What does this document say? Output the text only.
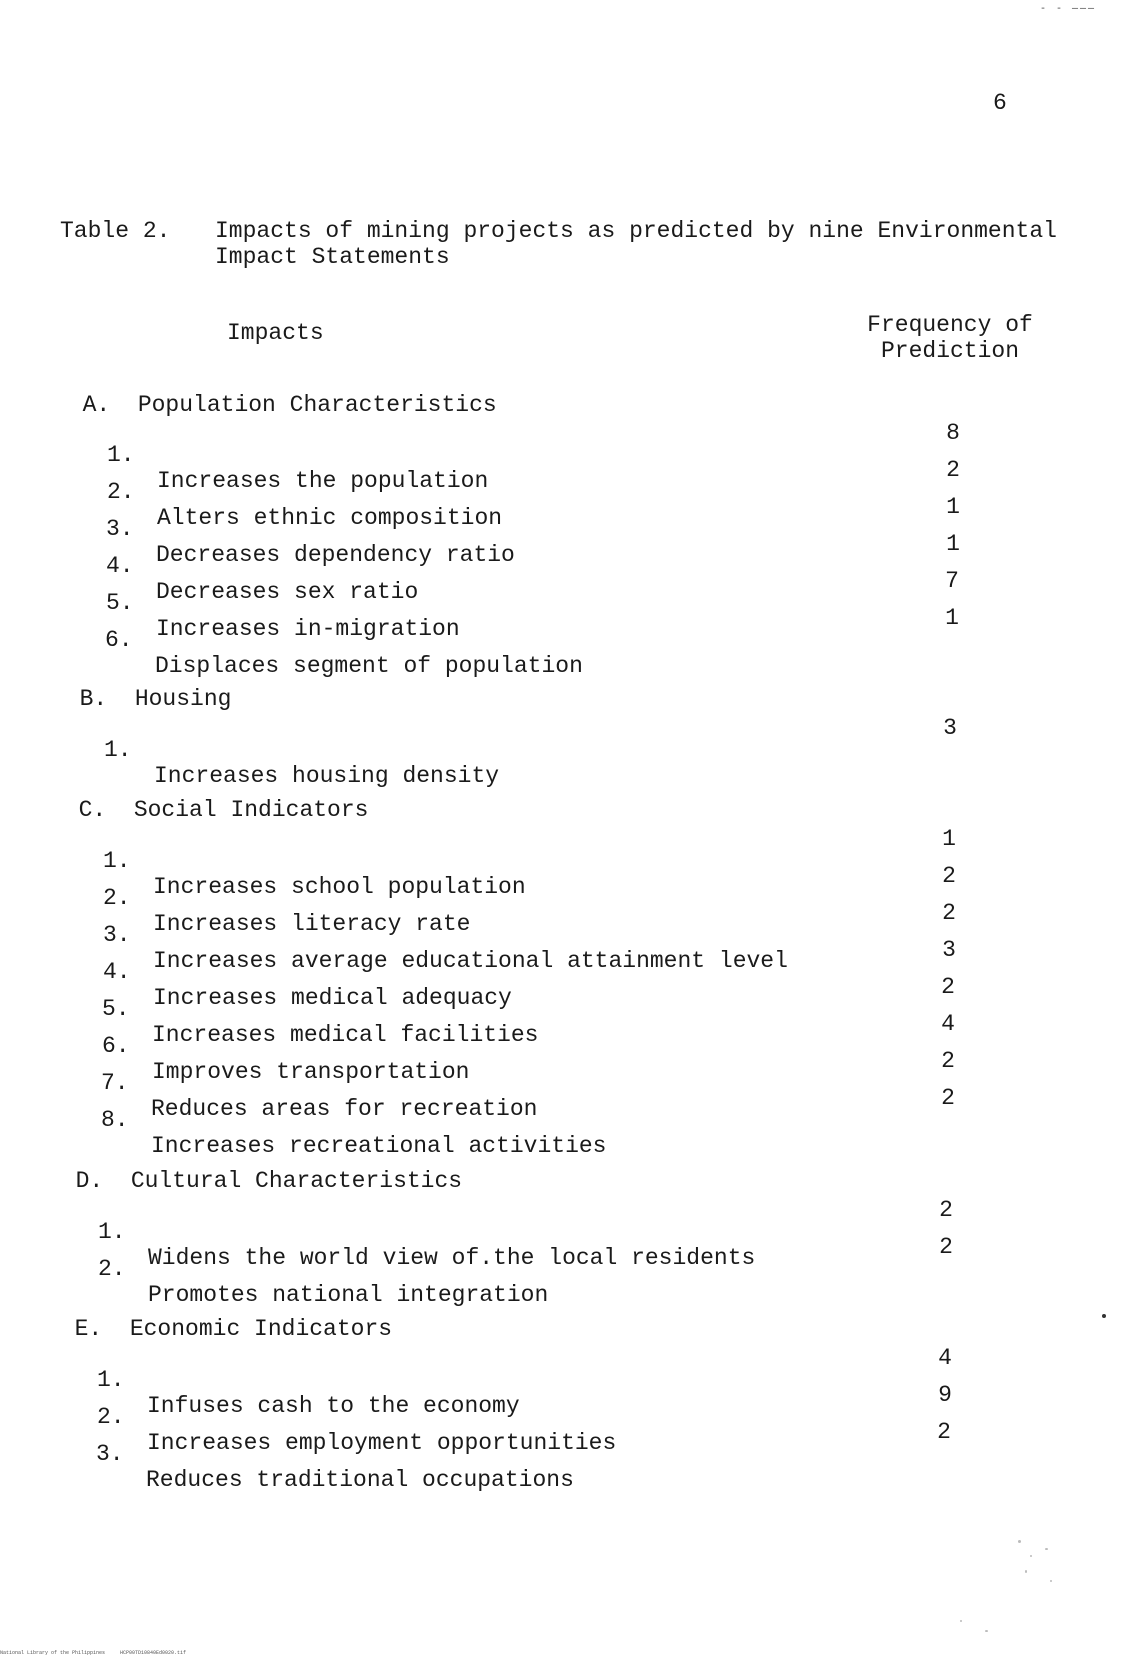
6
Table 2. Impacts of mining projects as predicted by nine Environmental Impact Statements
Impacts	Frequency of Prediction

A. Population Characteristics

1.

Increases the population

8

2.

Alters ethnic composition

2

3.

Decreases dependency ratio

1

4.

Decreases sex ratio

1

5.

Increases in-migration

7

6.

Displaces segment of population

1

B. Housing

1.

Increases housing density

3

C. Social Indicators

1.

Increases school population

1

2.

Increases literacy rate

2

3.

Increases average educational attainment level

2

4.

Increases medical adequacy

3

5.

Increases medical facilities

2

6.

Improves transportation

4

7.

Reduces areas for recreation

2

8.

Increases recreational activities

2

D. Cultural Characteristics

1.

Widens the world view of.the local residents

2

2.

Promotes national integration

2

E. Economic Indicators

1.

Infuses cash to the economy

4

2.

Increases employment opportunities

9

3.

Reduces traditional occupations

2
- - ———
National Library of the Philippines	HCP00TD10840Ed0020.tif
